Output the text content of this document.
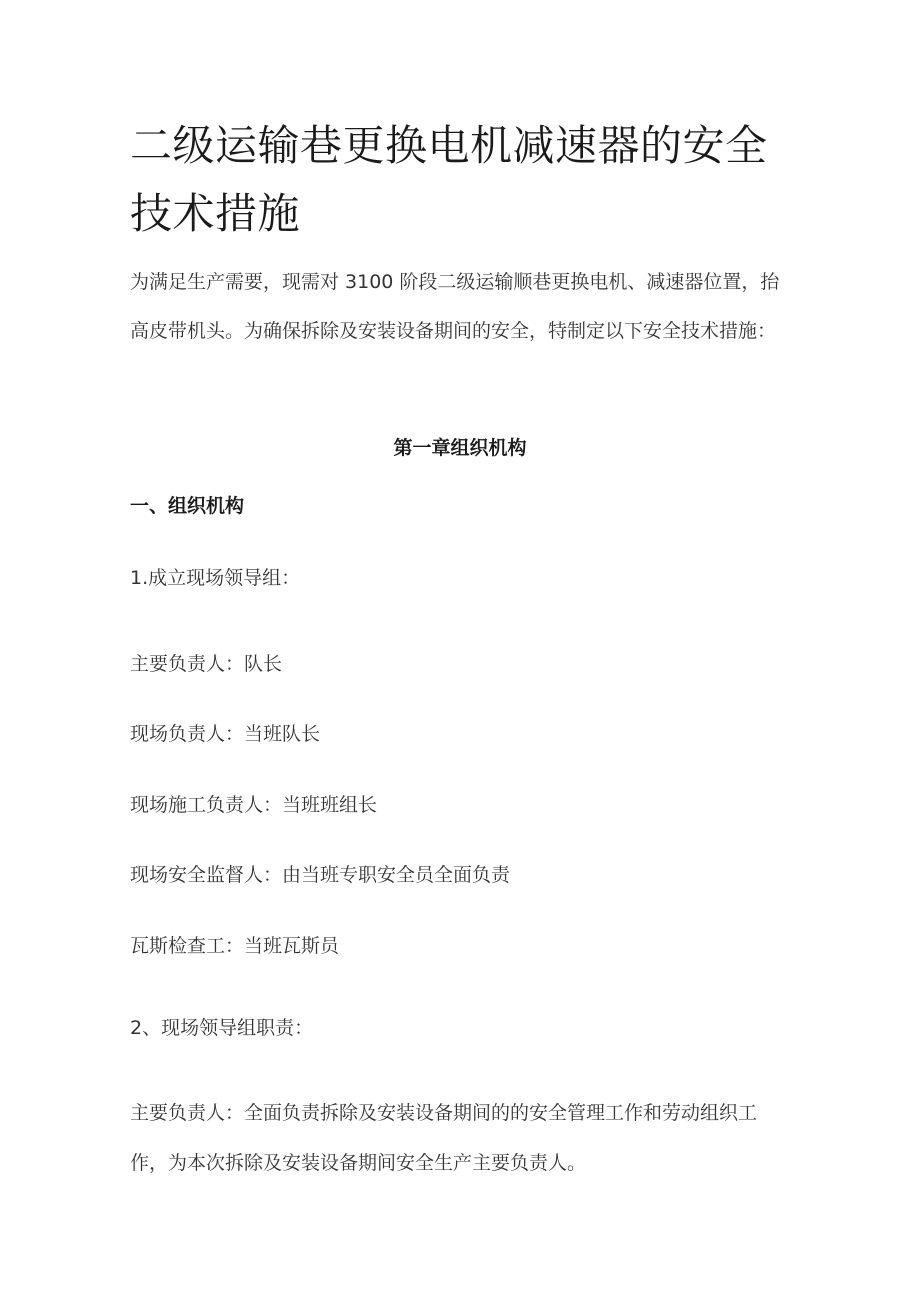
二级运输巷更换电机减速器的安全技术措施

为满足生产需要，现需对 3100 阶段二级运输顺巷更换电机、减速器位置，抬高皮带机头。为确保拆除及安装设备期间的安全，特制定以下安全技术措施：

第一章组织机构
一、组织机构

1.成立现场领导组：

主要负责人：队长

现场负责人：当班队长

现场施工负责人：当班班组长

现场安全监督人：由当班专职安全员全面负责

瓦斯检查工：当班瓦斯员

2、现场领导组职责：

主要负责人：全面负责拆除及安装设备期间的的安全管理工作和劳动组织工作，为本次拆除及安装设备期间安全生产主要负责人。
